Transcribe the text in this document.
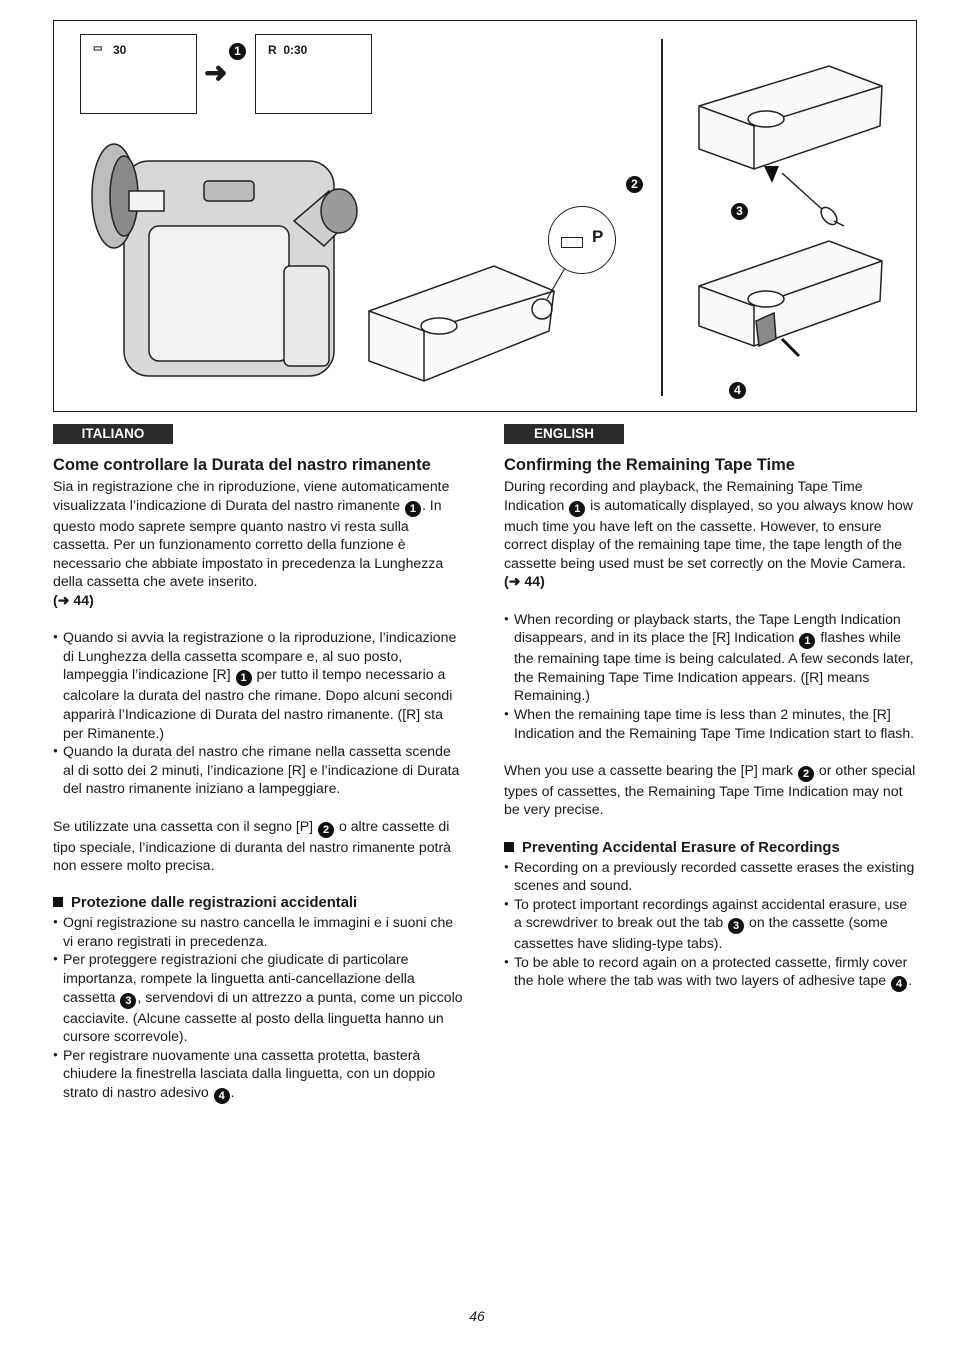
▭ 30
➜
1	R  0:30
P
2
3
4
ITALIANO
Come controllare la Durata del nastro rimanente

Sia in registrazione che in riproduzione, viene automaticamente visualizzata l’indicazione di Durata del nastro rimanente 1 . In questo modo saprete sempre quanto nastro vi resta sulla cassetta. Per un funzionamento corretto della funzione è necessario che abbiate impostato in precedenza la Lunghezza della cassetta che avete inserito.
(➜ 44)

● Quando si avvia la registrazione o la riproduzione, l’indicazione di Lunghezza della cassetta scompare e, al suo posto, lampeggia l’indicazione [R] 1 per tutto il tempo necessario a calcolare la durata del nastro che rimane. Dopo alcuni secondi apparirà l’Indicazione di Durata del nastro rimanente. ([R] sta per Rimanente.)
● Quando la durata del nastro che rimane nella cassetta scende al di sotto dei 2 minuti, l’indicazione [R] e l’indicazione di Durata del nastro rimanente iniziano a lampeggiare.

Se utilizzate una cassetta con il segno [P] 2 o altre cassette di tipo speciale, l’indicazione di duranta del nastro rimanente potrà non essere molto precisa.

Protezione dalle registrazioni accidentali
● Ogni registrazione su nastro cancella le immagini e i suoni che vi erano registrati in precedenza.
● Per proteggere registrazioni che giudicate di particolare importanza, rompete la linguetta anti-cancellazione della cassetta 3 , servendovi di un attrezzo a punta, come un piccolo cacciavite. (Alcune cassette al posto della linguetta hanno un cursore scorrevole).
● Per registrare nuovamente una cassetta protetta, basterà chiudere la finestrella lasciata dalla linguetta, con un doppio strato di nastro adesivo 4 .
ENGLISH
Confirming the Remaining Tape Time

During recording and playback, the Remaining Tape Time Indication 1 is automatically displayed, so you always know how much time you have left on the cassette. However, to ensure correct display of the remaining tape time, the tape length of the cassette being used must be set correctly on the Movie Camera. (➜ 44)

● When recording or playback starts, the Tape Length Indication disappears, and in its place the [R] Indication 1 flashes while the remaining tape time is being calculated. A few seconds later, the Remaining Tape Time Indication appears. ([R] means Remaining.)
● When the remaining tape time is less than 2 minutes, the [R] Indication and the Remaining Tape Time Indication start to flash.

When you use a cassette bearing the [P] mark 2 or other special types of cassettes, the Remaining Tape Time Indication may not be very precise.

Preventing Accidental Erasure of Recordings
● Recording on a previously recorded cassette erases the existing scenes and sound.
● To protect important recordings against accidental erasure, use a screwdriver to break out the tab 3 on the cassette (some cassettes have sliding-type tabs).
● To be able to record again on a protected cassette, firmly cover the hole where the tab was with two layers of adhesive tape 4 .
46
